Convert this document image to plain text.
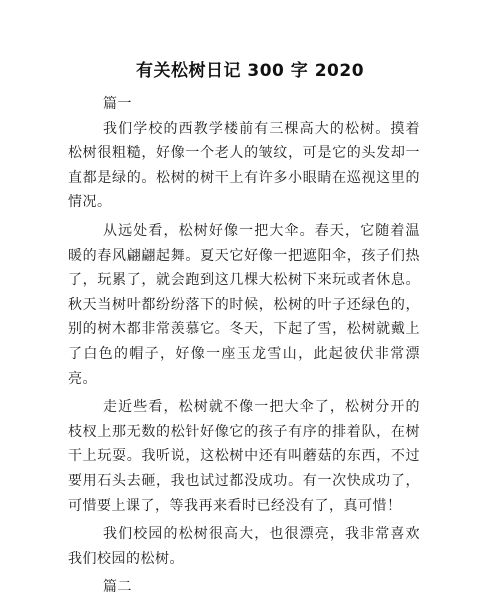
有关松树日记 300 字 2020

篇一

我们学校的西教学楼前有三棵高大的松树。摸着松树很粗糙，好像一个老人的皱纹，可是它的头发却一直都是绿的。松树的树干上有许多小眼睛在巡视这里的情况。

从远处看，松树好像一把大伞。春天，它随着温暖的春风翩翩起舞。夏天它好像一把遮阳伞，孩子们热了，玩累了，就会跑到这几棵大松树下来玩或者休息。秋天当树叶都纷纷落下的时候，松树的叶子还绿色的，别的树木都非常羡慕它。冬天，下起了雪，松树就戴上了白色的帽子，好像一座玉龙雪山，此起彼伏非常漂亮。

走近些看，松树就不像一把大伞了，松树分开的枝杈上那无数的松针好像它的孩子有序的排着队，在树干上玩耍。我听说，这松树中还有叫蘑菇的东西，不过要用石头去砸，我也试过都没成功。有一次快成功了，可惜要上课了，等我再来看时已经没有了，真可惜！

我们校园的松树很高大，也很漂亮，我非常喜欢我们校园的松树。

篇二
